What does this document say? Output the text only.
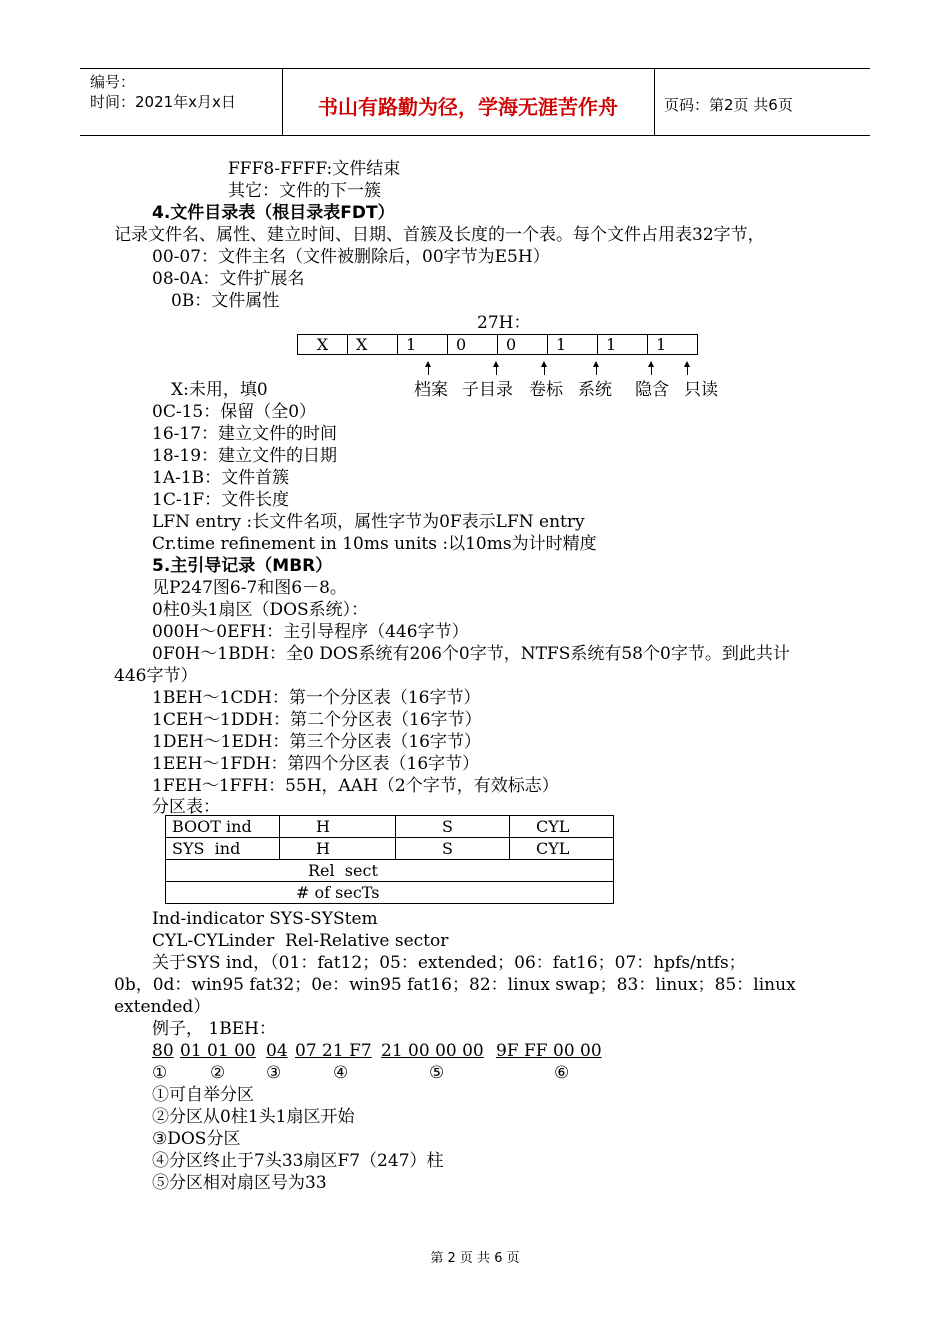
编号：
时间：2021年x月x日	书山有路勤为径，学海无涯苦作舟	页码：第2页 共6页
FFF8-FFFF:文件结束
其它：文件的下一簇
4.文件目录表（根目录表FDT）
记录文件名、属性、建立时间、日期、首簇及长度的一个表。每个文件占用表32字节，
00-07：文件主名（文件被删除后，00字节为E5H）
08-0A：文件扩展名
0B：文件属性
27H：
X	X	1	0	0	1	1	1
X:未用，填0	档案 子目录 卷标 系统 隐含 只读
0C-15：保留（全0）
16-17：建立文件的时间
18-19：建立文件的日期
1A-1B：文件首簇
1C-1F：文件长度
LFN entry :长文件名项，属性字节为0F表示LFN entry
Cr.time refinement in 10ms units :以10ms为计时精度
5.主引导记录（MBR）
见P247图6-7和图6－8。
0柱0头1扇区（DOS系统）：
000H～0EFH：主引导程序（446字节）
0F0H～1BDH：全0 DOS系统有206个0字节，NTFS系统有58个0字节。到此共计
446字节）
1BEH～1CDH：第一个分区表（16字节）
1CEH～1DDH：第二个分区表（16字节）
1DEH～1EDH：第三个分区表（16字节）
1EEH～1FDH：第四个分区表（16字节）
1FEH～1FFH：55H，AAH（2个字节，有效标志）
分区表：
BOOT ind	H	S	CYL
SYS  ind	H	S	CYL
Rel  sect			
# of secTs			
Ind-indicator SYS-SYStem
CYL-CYLinder  Rel-Relative sector
关于SYS ind，（01：fat12；05：extended；06：fat16；07：hpfs/ntfs；
0b，0d：win95 fat32；0e：win95 fat16；82：linux swap；83：linux；85：linux
extended）
例子， 1BEH：
80 01 01 00 04 07 21 F7 21 00 00 00 9F FF 00 00
①	② ③	④	⑤	⑥
①可自举分区
②分区从0柱1头1扇区开始
③DOS分区
④分区终止于7头33扇区F7（247）柱
⑤分区相对扇区号为33
第 2 页 共 6 页
